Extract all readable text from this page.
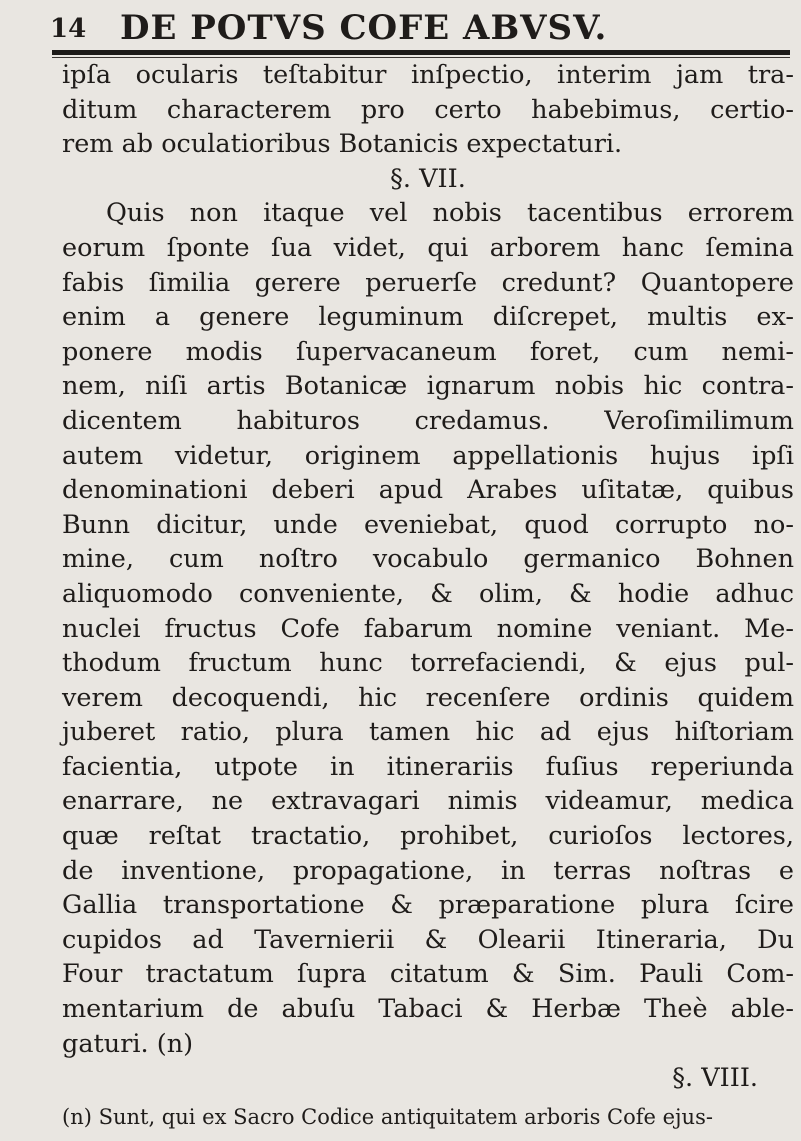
14 DE POTVS COFE ABVSV.
ipſa ocularis teſtabitur inſpectio, interim jam tra-
ditum characterem pro certo habebimus, certio-
rem ab oculatioribus Botanicis expectaturi.
§. VII.
Quis non itaque vel nobis tacentibus errorem
eorum ſponte ſua videt, qui arborem hanc ſemina
fabis ſimilia gerere peruerſe credunt? Quantopere
enim a genere leguminum diſcrepet, multis ex-
ponere modis ſupervacaneum foret, cum nemi-
nem, niſi artis Botanicæ ignarum nobis hic contra-
dicentem habituros credamus. Veroſimilimum
autem videtur, originem appellationis hujus ipſi
denominationi deberi apud Arabes uſitatæ, quibus
Bunn dicitur, unde eveniebat, quod corrupto no-
mine, cum noſtro vocabulo germanico Bohnen
aliquomodo conveniente, & olim, & hodie adhuc
nuclei fructus Cofe fabarum nomine veniant. Me-
thodum fructum hunc torrefaciendi, & ejus pul-
verem decoquendi, hic recenſere ordinis quidem
juberet ratio, plura tamen hic ad ejus hiſtoriam
facientia, utpote in itinerariis fuſius reperiunda
enarrare, ne extravagari nimis videamur, medica
quæ reſtat tractatio, prohibet, curioſos lectores,
de inventione, propagatione, in terras noſtras e
Gallia transportatione & præparatione plura ſcire
cupidos ad Tavernierii & Olearii Itineraria, Du
Four tractatum ſupra citatum & Sim. Pauli Com-
mentarium de abuſu Tabaci & Herbæ Theè able-
gaturi. (n)
§. VIII.
(n) Sunt, qui ex Sacro Codice antiquitatem arboris Cofe ejus-
